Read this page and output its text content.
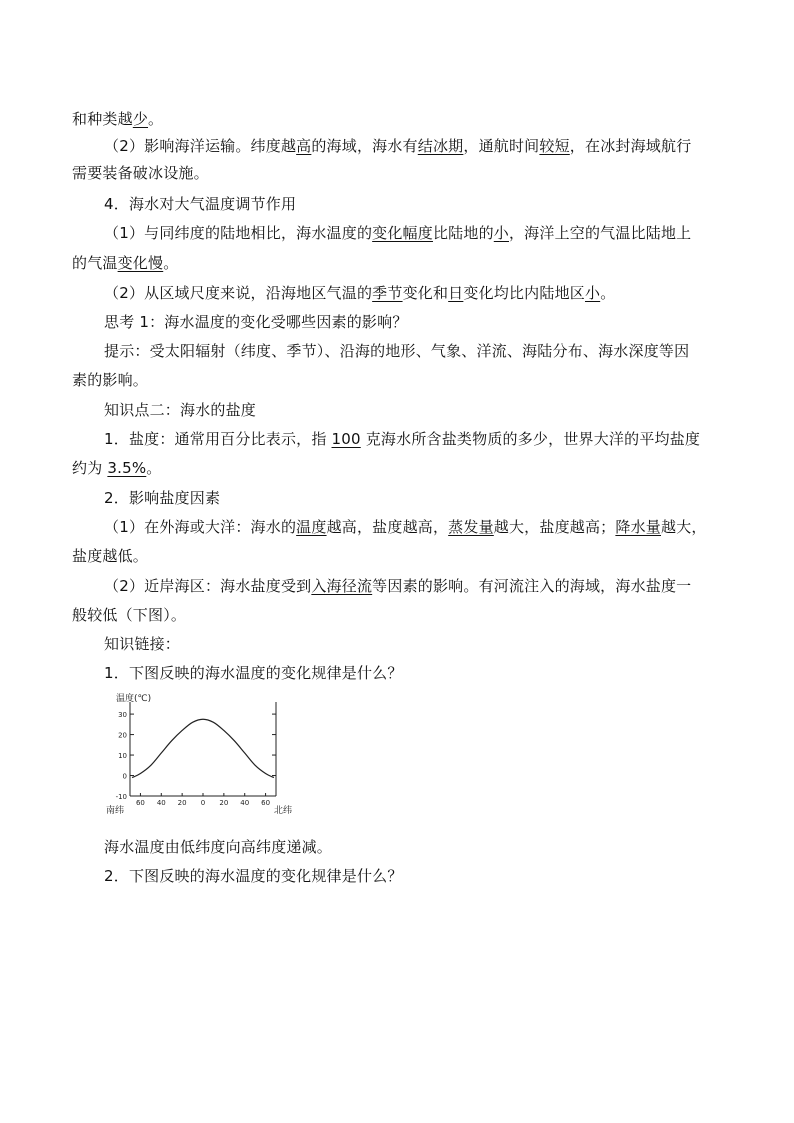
和种类越少。
（2）影响海洋运输。纬度越高的海域，海水有结冰期，通航时间较短，在冰封海域航行
需要装备破冰设施。
4．海水对大气温度调节作用
（1）与同纬度的陆地相比，海水温度的变化幅度比陆地的小，海洋上空的气温比陆地上
的气温变化慢。
（2）从区域尺度来说，沿海地区气温的季节变化和日变化均比内陆地区小。
思考 1：海水温度的变化受哪些因素的影响？
提示：受太阳辐射（纬度、季节）、沿海的地形、气象、洋流、海陆分布、海水深度等因
素的影响。
知识点二：海水的盐度
1．盐度：通常用百分比表示，指 100 克海水所含盐类物质的多少，世界大洋的平均盐度
约为 3.5%。
2．影响盐度因素
（1）在外海或大洋：海水的温度越高，盐度越高，蒸发量越大，盐度越高；降水量越大，
盐度越低。
（2）近岸海区：海水盐度受到入海径流等因素的影响。有河流注入的海域，海水盐度一
般较低（下图）。
知识链接：
1．下图反映的海水温度的变化规律是什么？
温度(℃)
30
20
10
0
-10
60 40 20 0 20 40 60
南纬	北纬
海水温度由低纬度向高纬度递减。
2．下图反映的海水温度的变化规律是什么？
